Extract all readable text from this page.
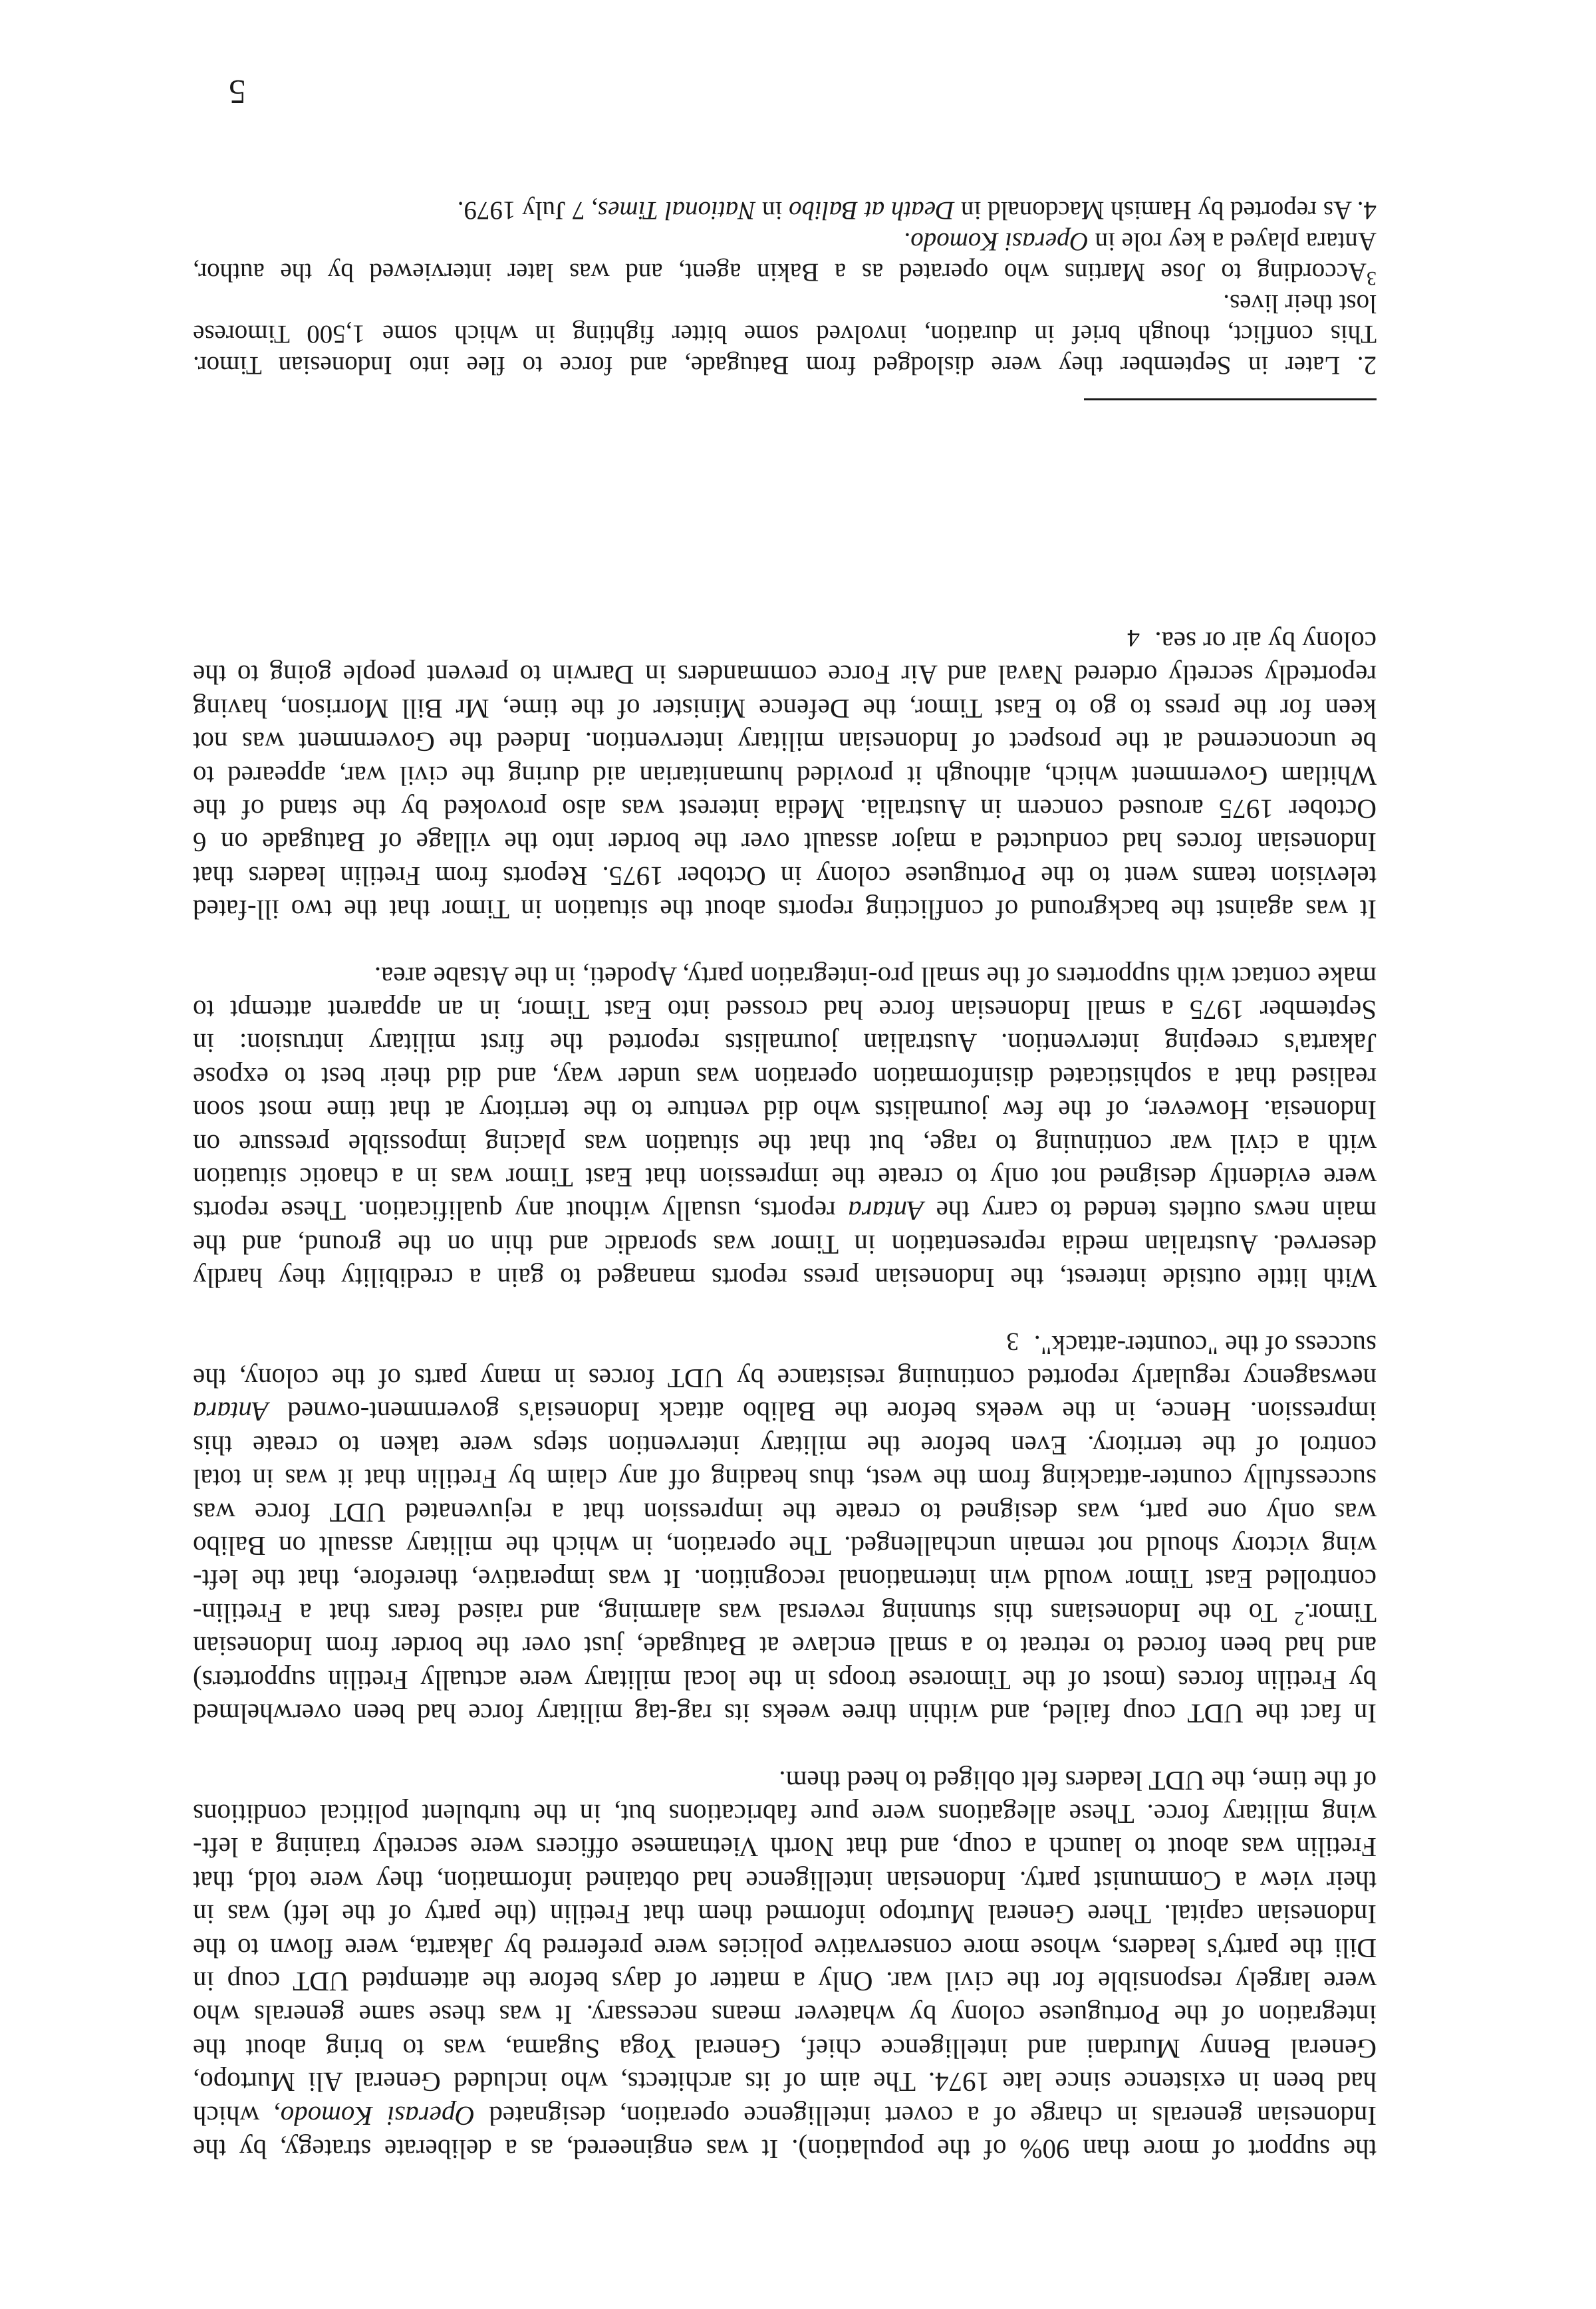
the support of more than 90% of the population). It was engineered, as a deliberate strategy, by the
Indonesian generals in charge of a covert intelligence operation, designated Operasi Komodo, which
had been in existence since late 1974. The aim of its architects, who included General Ali Murtopo,
General Benny Murdani and intelligence chief, General Yoga Sugama, was to bring about the
integration of the Portuguese colony by whatever means necessary. It was these same generals who
were largely responsible for the civil war. Only a matter of days before the attempted UDT coup in
Dili the party's leaders, whose more conservative policies were preferred by Jakarta, were flown to the
Indonesian capital. There General Murtopo informed them that Fretilin (the party of the left) was in
their view a Communist party. Indonesian intelligence had obtained information, they were told, that
Fretilin was about to launch a coup, and that North Vietnamese officers were secretly training a left-
wing military force. These allegations were pure fabrications but, in the turbulent political conditions
of the time, the UDT leaders felt obliged to heed them.
In fact the UDT coup failed, and within three weeks its rag-tag military force had been overwhelmed
by Fretilin forces (most of the Timorese troops in the local military were actually Fretilin supporters)
and had been forced to retreat to a small enclave at Batugade, just over the border from Indonesian
Timor.$^2$ To the Indonesians this stunning reversal was alarming, and raised fears that a Fretilin-
controlled East Timor would win international recognition. It was imperative, therefore, that the left-
wing victory should not remain unchallenged. The operation, in which the military assault on Balibo
was only one part, was designed to create the impression that a rejuvenated UDT force was
successfully counter-attacking from the west, thus heading off any claim by Fretilin that it was in total
control of the territory. Even before the military intervention steps were taken to create this
impression. Hence, in the weeks before the Balibo attack Indonesia's government-owned Antara
newsagency regularly reported continuing resistance by UDT forces in many parts of the colony, the
success of the "counter-attack". $^3$
With little outside interest, the Indonesian press reports managed to gain a credibility they hardly
deserved. Australian media representation in Timor was sporadic and thin on the ground, and the
main news outlets tended to carry the Antara reports, usually without any qualification. These reports
were evidently designed not only to create the impression that East Timor was in a chaotic situation
with a civil war continuing to rage, but that the situation was placing impossible pressure on
Indonesia. However, of the few journalists who did venture to the territory at that time most soon
realised that a sophisticated disinformation operation was under way, and did their best to expose
Jakarta's creeping intervention. Australian journalists reported the first military intrusion: in
September 1975 a small Indonesian force had crossed into East Timor, in an apparent attempt to
make contact with supporters of the small pro-integration party, Apodeti, in the Atsabe area.
It was against the background of conflicting reports about the situation in Timor that the two ill-fated
television teams went to the Portuguese colony in October 1975. Reports from Fretilin leaders that
Indonesian forces had conducted a major assault over the border into the village of Batugade on 6
October 1975 aroused concern in Australia. Media interest was also provoked by the stand of the
Whitlam Government which, although it provided humanitarian aid during the civil war, appeared to
be unconcerned at the prospect of Indonesian military intervention. Indeed the Government was not
keen for the press to go to East Timor, the Defence Minister of the time, Mr Bill Morrison, having
reportedly secretly ordered Naval and Air Force commanders in Darwin to prevent people going to the
colony by air or sea. $^4$
2. Later in September they were dislodged from Batugade, and force to flee into Indonesian Timor.
This conflict, though brief in duration, involved some bitter fighting in which some 1,500 Timorese
lost their lives.
$^3$According to Jose Martins who operated as a Bakin agent, and was later interviewed by the author,
Antara played a key role in Operasi Komodo.
4. As reported by Hamish Macdonald in Death at Balibo in National Times, 7 July 1979.
5
